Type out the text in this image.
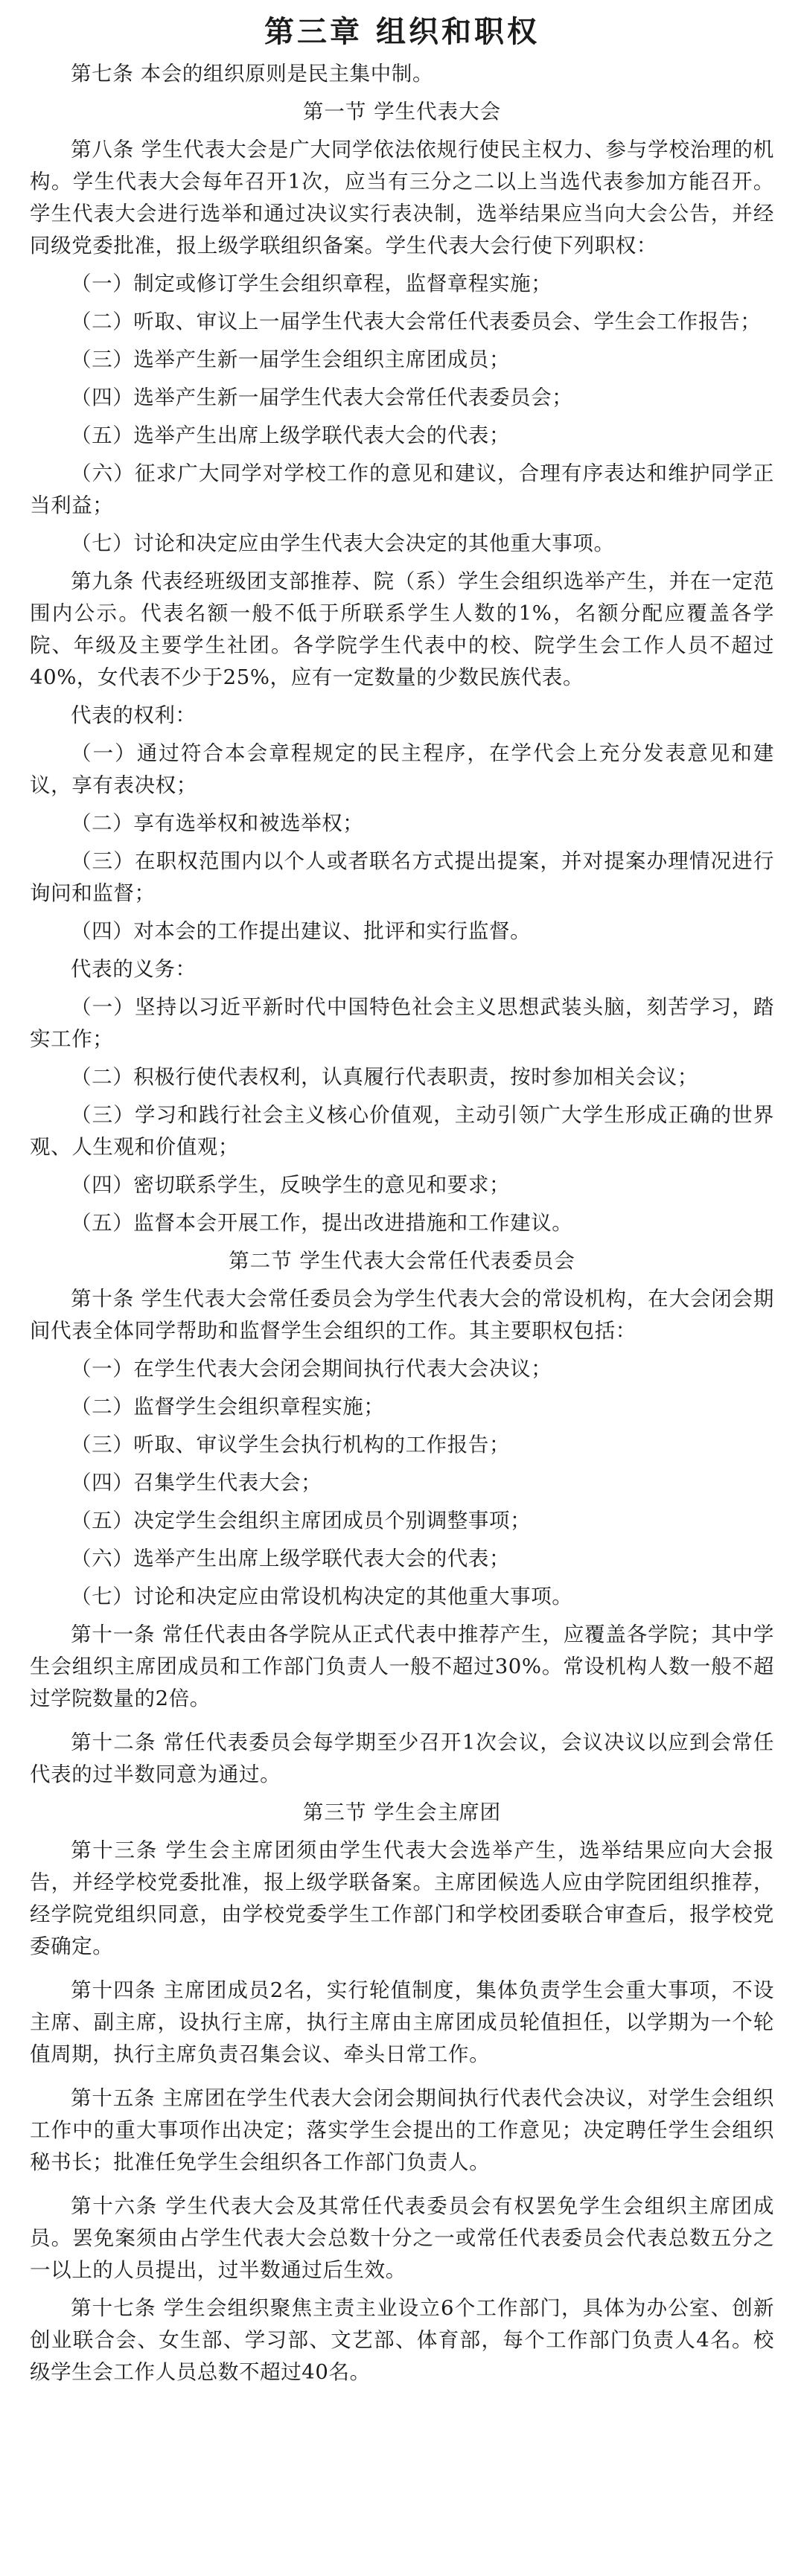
第三章 组织和职权
第七条 本会的组织原则是民主集中制。
第一节 学生代表大会
第八条 学生代表大会是广大同学依法依规行使民主权力、参与学校治理的机构。学生代表大会每年召开1次，应当有三分之二以上当选代表参加方能召开。学生代表大会进行选举和通过决议实行表决制，选举结果应当向大会公告，并经同级党委批准，报上级学联组织备案。学生代表大会行使下列职权：
（一）制定或修订学生会组织章程，监督章程实施；
（二）听取、审议上一届学生代表大会常任代表委员会、学生会工作报告；
（三）选举产生新一届学生会组织主席团成员；
（四）选举产生新一届学生代表大会常任代表委员会；
（五）选举产生出席上级学联代表大会的代表；
（六）征求广大同学对学校工作的意见和建议，合理有序表达和维护同学正当利益；
（七）讨论和决定应由学生代表大会决定的其他重大事项。
第九条 代表经班级团支部推荐、院（系）学生会组织选举产生，并在一定范围内公示。代表名额一般不低于所联系学生人数的1%，名额分配应覆盖各学院、年级及主要学生社团。各学院学生代表中的校、院学生会工作人员不超过40%，女代表不少于25%，应有一定数量的少数民族代表。
代表的权利：
（一）通过符合本会章程规定的民主程序，在学代会上充分发表意见和建议，享有表决权；
（二）享有选举权和被选举权；
（三）在职权范围内以个人或者联名方式提出提案，并对提案办理情况进行询问和监督；
（四）对本会的工作提出建议、批评和实行监督。
代表的义务：
（一）坚持以习近平新时代中国特色社会主义思想武装头脑，刻苦学习，踏实工作；
（二）积极行使代表权利，认真履行代表职责，按时参加相关会议；
（三）学习和践行社会主义核心价值观，主动引领广大学生形成正确的世界观、人生观和价值观；
（四）密切联系学生，反映学生的意见和要求；
（五）监督本会开展工作，提出改进措施和工作建议。
第二节 学生代表大会常任代表委员会
第十条 学生代表大会常任委员会为学生代表大会的常设机构，在大会闭会期间代表全体同学帮助和监督学生会组织的工作。其主要职权包括：
（一）在学生代表大会闭会期间执行代表大会决议；
（二）监督学生会组织章程实施；
（三）听取、审议学生会执行机构的工作报告；
（四）召集学生代表大会；
（五）决定学生会组织主席团成员个别调整事项；
（六）选举产生出席上级学联代表大会的代表；
（七）讨论和决定应由常设机构决定的其他重大事项。
第十一条 常任代表由各学院从正式代表中推荐产生，应覆盖各学院；其中学生会组织主席团成员和工作部门负责人一般不超过30%。常设机构人数一般不超过学院数量的2倍。
第十二条 常任代表委员会每学期至少召开1次会议，会议决议以应到会常任代表的过半数同意为通过。
第三节 学生会主席团
第十三条 学生会主席团须由学生代表大会选举产生，选举结果应向大会报告，并经学校党委批准，报上级学联备案。主席团候选人应由学院团组织推荐，经学院党组织同意，由学校党委学生工作部门和学校团委联合审查后，报学校党委确定。
第十四条 主席团成员2名，实行轮值制度，集体负责学生会重大事项，不设主席、副主席，设执行主席，执行主席由主席团成员轮值担任，以学期为一个轮值周期，执行主席负责召集会议、牵头日常工作。
第十五条 主席团在学生代表大会闭会期间执行代表代会决议，对学生会组织工作中的重大事项作出决定；落实学生会提出的工作意见；决定聘任学生会组织秘书长；批准任免学生会组织各工作部门负责人。
第十六条 学生代表大会及其常任代表委员会有权罢免学生会组织主席团成员。罢免案须由占学生代表大会总数十分之一或常任代表委员会代表总数五分之一以上的人员提出，过半数通过后生效。
第十七条 学生会组织聚焦主责主业设立6个工作部门，具体为办公室、创新创业联合会、女生部、学习部、文艺部、体育部，每个工作部门负责人4名。校级学生会工作人员总数不超过40名。
